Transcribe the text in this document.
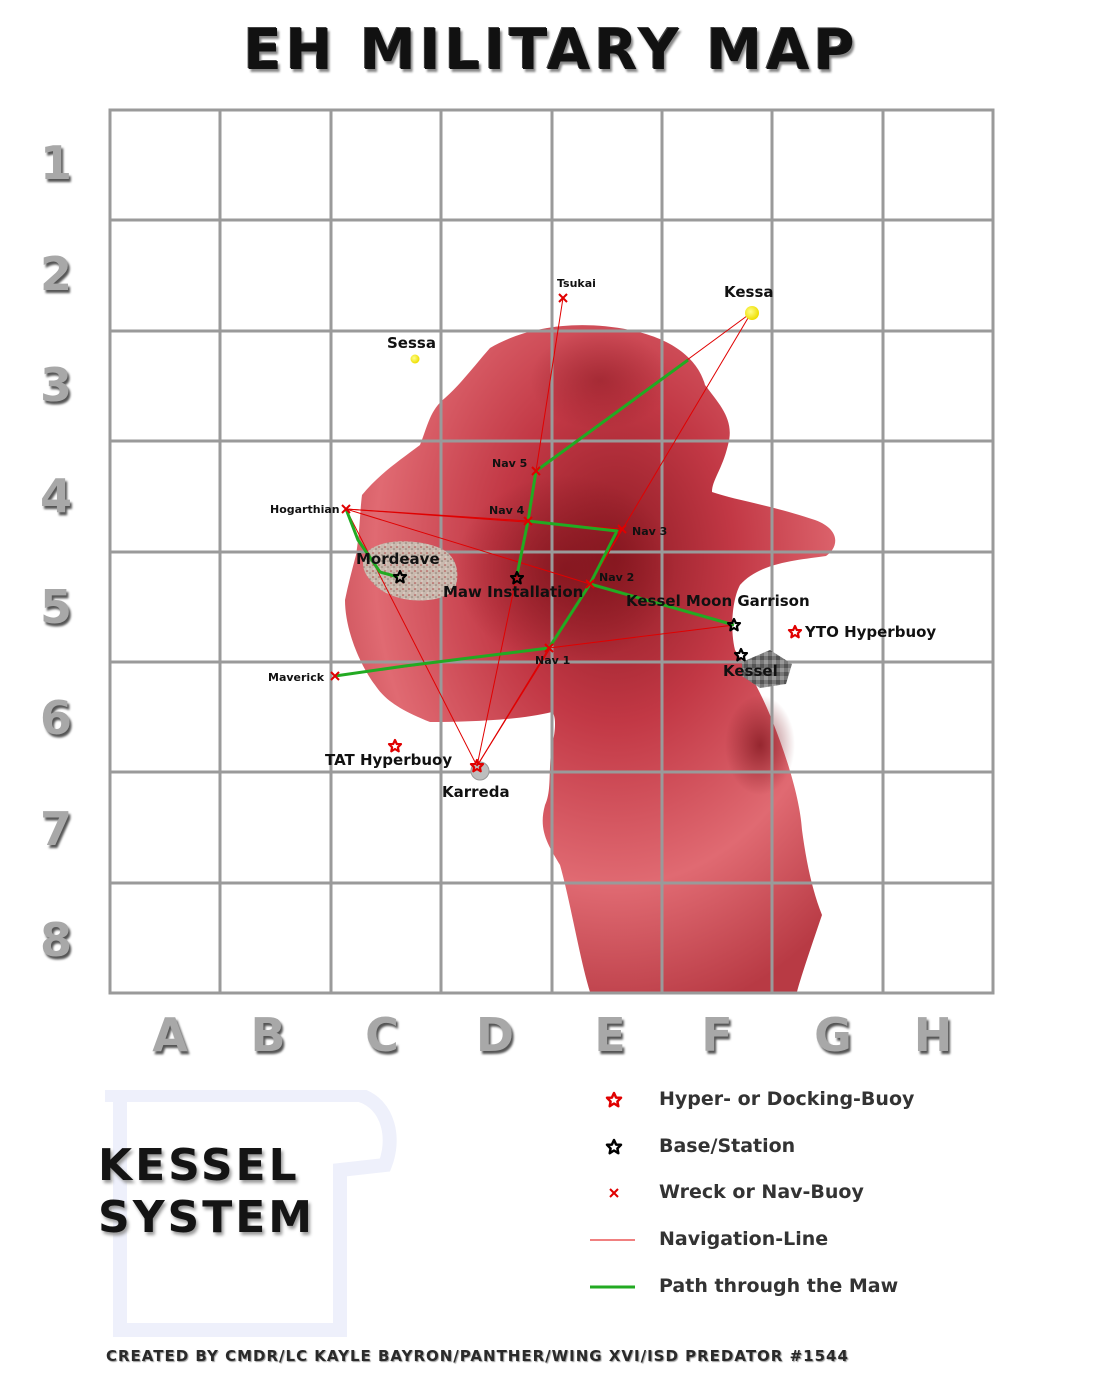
EH MILITARY MAP
1
2
3
4
5
6
7
8
A B C D	E	F	G H
Sessa
Kessa
Tsukai
Hogarthian
Maverick
Nav 5
Nav 4
Nav 3
Nav 2
Nav 1
Mordeave
Maw Installation	Kessel Moon Garrison
Kessel
YTO Hyperbuoy
TAT Hyperbuoy
Karreda
Hyper- or Docking-Buoy
Base/Station
Wreck or Nav-Buoy
Navigation-Line
Path through the Maw
KESSEL
SYSTEM
CREATED BY CMDR/LC KAYLE BAYRON/PANTHER/WING XVI/ISD PREDATOR #1544
